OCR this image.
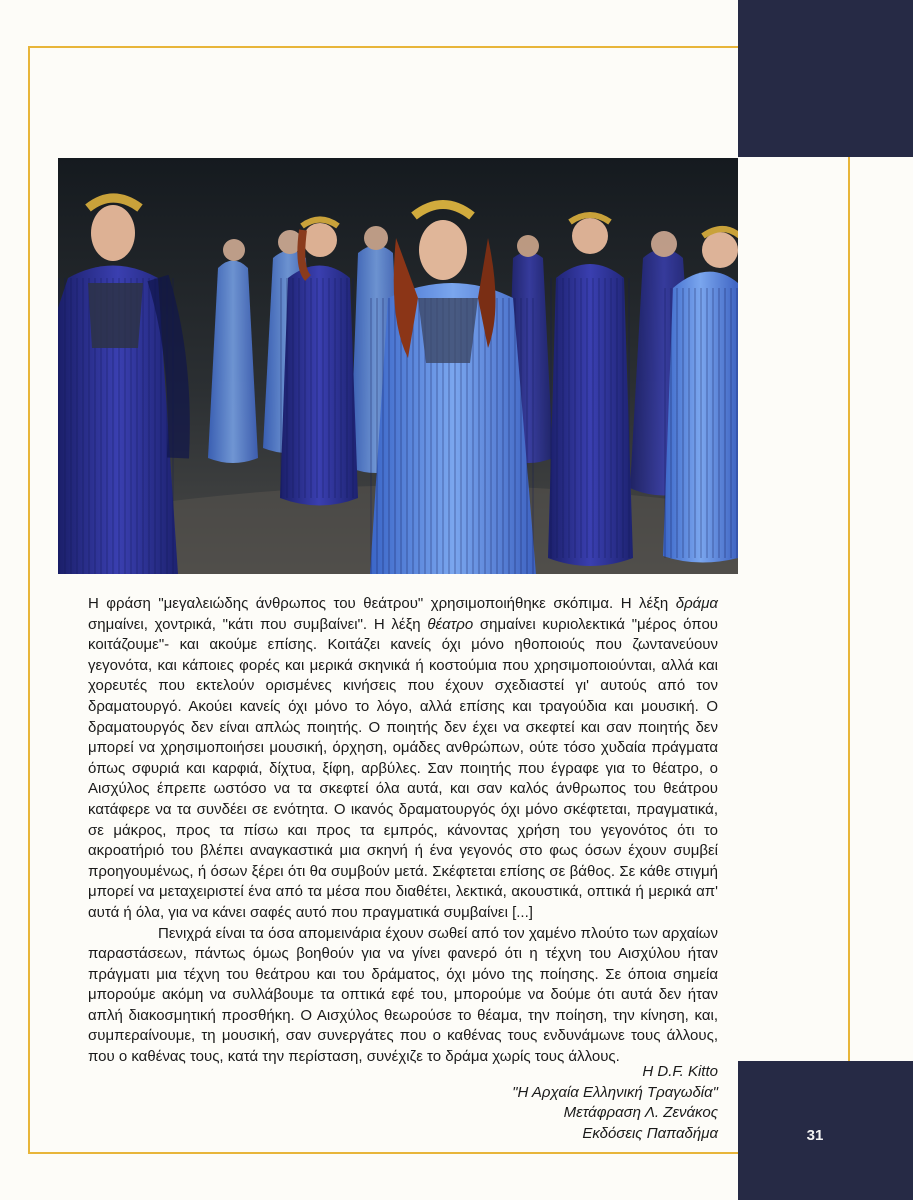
31

Η φράση "μεγαλειώδης άνθρωπος του θεάτρου" χρησιμοποιήθηκε σκόπιμα. Η λέξη δράμα σημαίνει, χοντρικά, "κάτι που συμβαίνει". Η λέξη θέατρο σημαίνει κυριολεκτικά "μέρος όπου κοιτάζουμε"- και ακούμε επίσης. Κοιτάζει κανείς όχι μόνο ηθοποιούς που ζωντανεύουν γεγονότα, και κάποιες φορές και μερικά σκηνικά ή κοστούμια που χρησιμοποιούνται, αλλά και χορευτές που εκτελούν ορισμένες κινήσεις που έχουν σχεδιαστεί γι' αυτούς από τον δραματουργό. Ακούει κανείς όχι μόνο το λόγο, αλλά επίσης και τραγούδια και μουσική. Ο δραματουργός δεν είναι απλώς ποιητής. Ο ποιητής δεν έχει να σκεφτεί και σαν ποιητής δεν μπορεί να χρησιμοποιήσει μουσική, όρχηση, ομάδες ανθρώπων, ούτε τόσο χυδαία πράγματα όπως σφυριά και καρφιά, δίχτυα, ξίφη, αρβύλες. Σαν ποιητής που έγραφε για το θέατρο, ο Αισχύλος έπρεπε ωστόσο να τα σκεφτεί όλα αυτά, και σαν καλός άνθρωπος του θεάτρου κατάφερε να τα συνδέει σε ενότητα. Ο ικανός δραματουργός όχι μόνο σκέφτεται, πραγματικά, σε μάκρος, προς τα πίσω και προς τα εμπρός, κάνοντας χρήση του γεγονότος ότι το ακροατήριό του βλέπει αναγκαστικά μια σκηνή ή ένα γεγονός στο φως όσων έχουν συμβεί προηγουμένως, ή όσων ξέρει ότι θα συμβούν μετά. Σκέφτεται επίσης σε βάθος. Σε κάθε στιγμή μπορεί να μεταχειριστεί ένα από τα μέσα που διαθέτει, λεκτικά, ακουστικά, οπτικά ή μερικά απ' αυτά ή όλα, για να κάνει σαφές αυτό που πραγματικά συμβαίνει [...]

Πενιχρά είναι τα όσα απομεινάρια έχουν σωθεί από τον χαμένο πλούτο των αρχαίων παραστάσεων, πάντως όμως βοηθούν για να γίνει φανερό ότι η τέχνη του Αισχύλου ήταν πράγματι μια τέχνη του θεάτρου και του δράματος, όχι μόνο της ποίησης. Σε όποια σημεία μπορούμε ακόμη να συλλάβουμε τα οπτικά εφέ του, μπορούμε να δούμε ότι αυτά δεν ήταν απλή διακοσμητική προσθήκη. Ο Αισχύλος θεωρούσε το θέαμα, την ποίηση, την κίνηση, και, συμπεραίνουμε, τη μουσική, σαν συνεργάτες που ο καθένας τους ενδυνάμωνε τους άλλους, που ο καθένας τους, κατά την περίσταση, συνέχιζε το δράμα χωρίς τους άλλους.

Η D.F. Kitto
"Η Αρχαία Ελληνική Τραγωδία"
Μετάφραση Λ. Ζενάκος
Εκδόσεις Παπαδήμα
